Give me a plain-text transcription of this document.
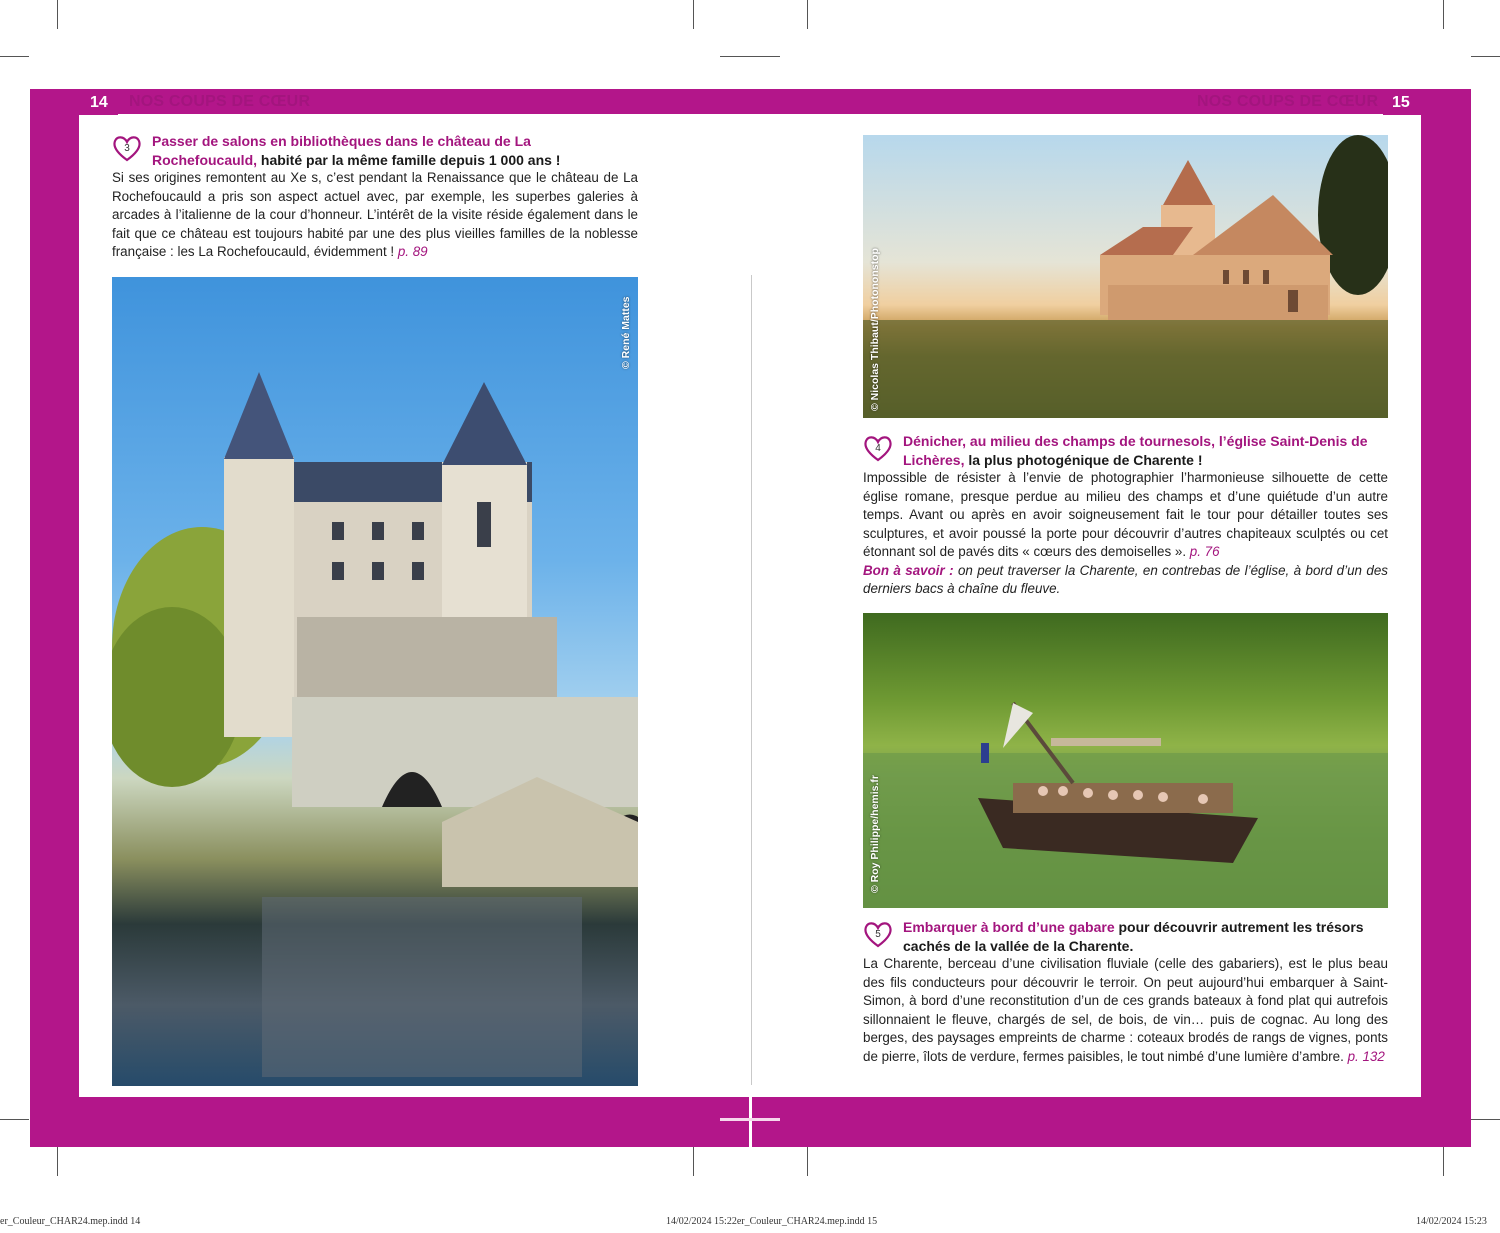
14	15
NOS COUPS DE CŒUR	NOS COUPS DE CŒUR
3	Passer de salons en bibliothèques dans le château de La Rochefoucauld, habité par la même famille depuis 1 000 ans !
Si ses origines remontent au Xe s, c’est pendant la Renaissance que le château de La Rochefoucauld a pris son aspect actuel avec, par exemple, les superbes galeries à arcades à l’italienne de la cour d’honneur. L’intérêt de la visite réside également dans le fait que ce château est toujours habité par une des plus vieilles familles de la noblesse française : les La Rochefoucauld, évidemment ! p. 89
© René Mattes	© Nicolas Thibaut/Photononstop
4	Dénicher, au milieu des champs de tournesols, l’église Saint-Denis de Lichères, la plus photogénique de Charente !
Impossible de résister à l’envie de photographier l’harmonieuse silhouette de cette église romane, presque perdue au milieu des champs et d’une quiétude d’un autre temps. Avant ou après en avoir soigneusement fait le tour pour détailler toutes ses sculptures, et avoir poussé la porte pour découvrir d’autres chapiteaux sculptés ou cet étonnant sol de pavés dits « cœurs des demoiselles ». p. 76
Bon à savoir : on peut traverser la Charente, en contrebas de l’église, à bord d’un des derniers bacs à chaîne du fleuve.
© Roy Philippe/hemis.fr
5	Embarquer à bord d’une gabare pour découvrir autrement les trésors cachés de la vallée de la Charente.
La Charente, berceau d’une civilisation fluviale (celle des gabariers), est le plus beau des fils conducteurs pour découvrir le terroir. On peut aujourd’hui embarquer à Saint-Simon, à bord d’une reconstitution d’un de ces grands bateaux à fond plat qui autrefois sillonnaient le fleuve, chargés de sel, de bois, de vin… puis de cognac. Au long des berges, des paysages empreints de charme : coteaux brodés de rangs de vignes, ponts de pierre, îlots de verdure, fermes paisibles, le tout nimbé d’une lumière d’ambre. p. 132
er_Couleur_CHAR24.mep.indd 14	14/02/2024 15:22er_Couleur_CHAR24.mep.indd 15	14/02/2024 15:23
